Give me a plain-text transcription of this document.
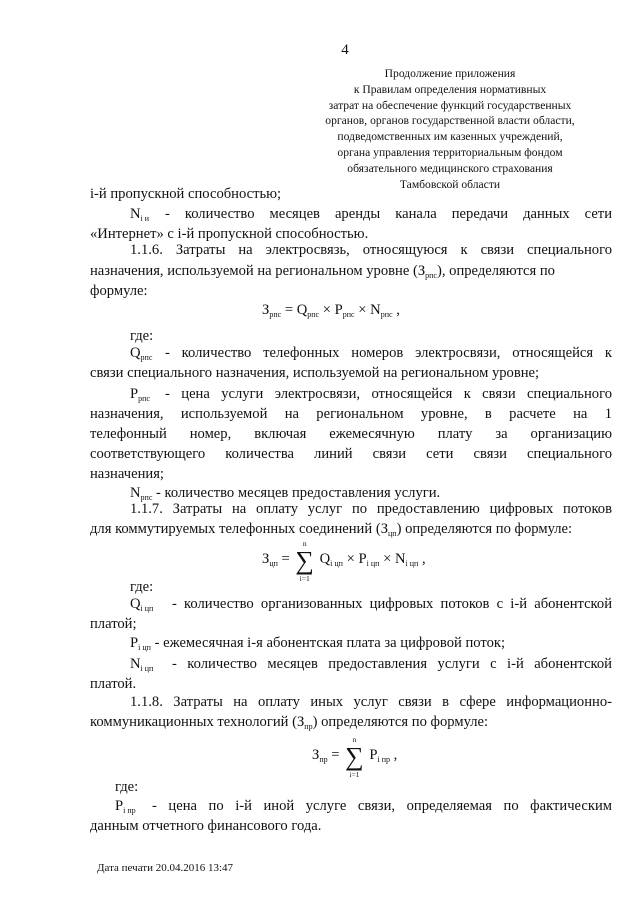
4
Продолжение приложения
к Правилам определения нормативных
затрат на обеспечение функций государственных
органов, органов государственной власти области,
подведомственных им казенных учреждений,
органа управления территориальным фондом
обязательного медицинского страхования
Тамбовской области
i-й пропускной способностью;
$N_{i и}$ - количество месяцев аренды канала передачи данных сети
«Интернет» с i-й пропускной способностью.
1.1.6. Затраты на электросвязь, относящуюся к связи специального
назначения, используемой на региональном уровне $(З_{рпс})$, определяются по
формуле:
$З_{рпс} = Q_{рпс} \times P_{рпс} \times N_{рпс}$ ,
где:
$Q_{рпс}$ - количество телефонных номеров электросвязи, относящейся к
связи специального назначения, используемой на региональном уровне;
$P_{рпс}$ - цена услуги электросвязи, относящейся к связи специального
назначения, используемой на региональном уровне, в расчете на 1
телефонный номер, включая ежемесячную плату за организацию
соответствующего количества линий связи сети связи специального
назначения;
$N_{рпс}$ - количество месяцев предоставления услуги.
1.1.7. Затраты на оплату услуг по предоставлению цифровых потоков
для коммутируемых телефонных соединений $(З_{цп})$ определяются по формуле:
$З_{цп}$ =
n
∑
i=1
$Q_{i цп} \times P_{i цп} \times N_{i цп}$ ,
где:
$Q_{i цп}$ - количество организованных цифровых потоков с i-й абонентской
платой;
$P_{i цп}$ - ежемесячная i-я абонентская плата за цифровой поток;
$N_{i цп}$ - количество месяцев предоставления услуги с i-й абонентской
платой.
1.1.8. Затраты на оплату иных услуг связи в сфере информационно-
коммуникационных технологий $(З_{пр})$ определяются по формуле:
$З_{пр}$ =
n
∑
i=1
$P_{i пр}$ ,
где:
$P_{i пр}$ - цена по i-й иной услуге связи, определяемая по фактическим
данным отчетного финансового года.
Дата печати 20.04.2016 13:47
